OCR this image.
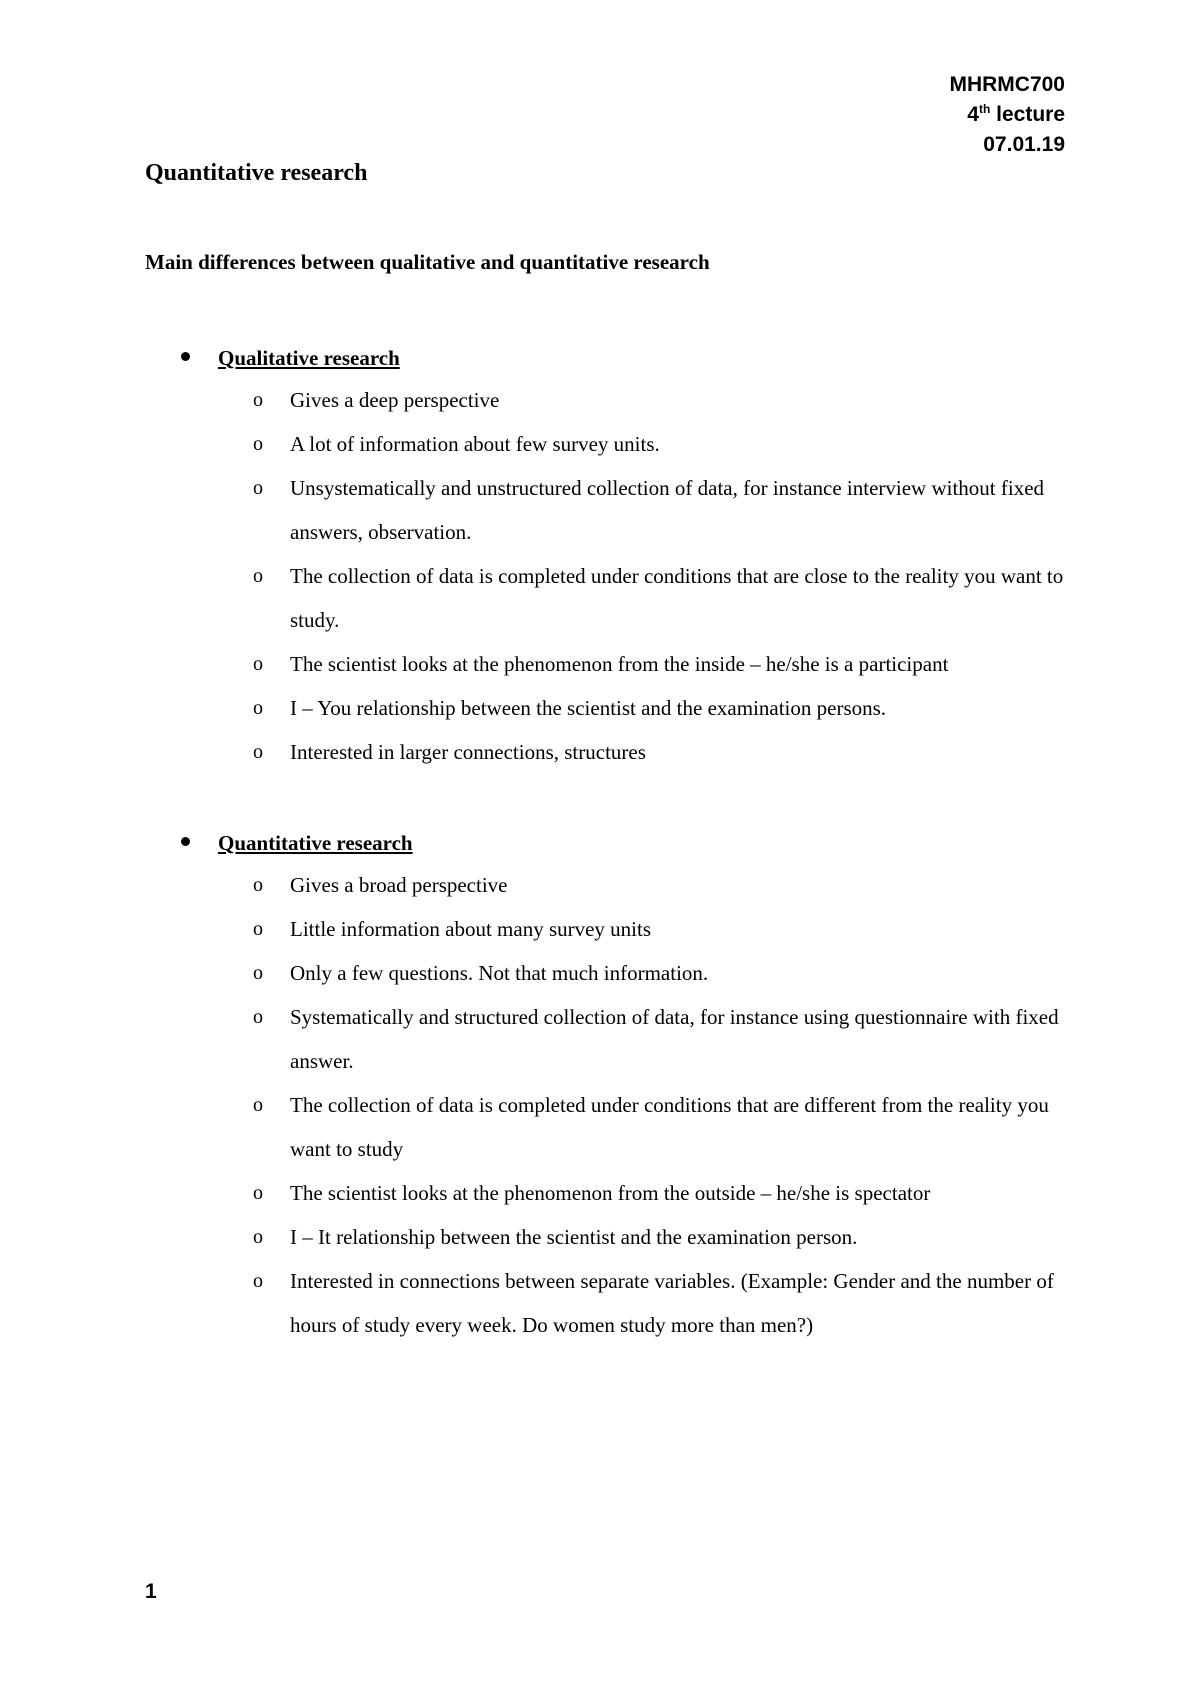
MHRMC700
4th lecture
07.01.19
Quantitative research
Main differences between qualitative and quantitative research
Qualitative research
o Gives a deep perspective
o A lot of information about few survey units.
o Unsystematically and unstructured collection of data, for instance interview without fixed answers, observation.
o The collection of data is completed under conditions that are close to the reality you want to study.
o The scientist looks at the phenomenon from the inside – he/she is a participant
o I – You relationship between the scientist and the examination persons.
o Interested in larger connections, structures
Quantitative research
o Gives a broad perspective
o Little information about many survey units
o Only a few questions. Not that much information.
o Systematically and structured collection of data, for instance using questionnaire with fixed answer.
o The collection of data is completed under conditions that are different from the reality you want to study
o The scientist looks at the phenomenon from the outside – he/she is spectator
o I – It relationship between the scientist and the examination person.
o Interested in connections between separate variables. (Example: Gender and the number of hours of study every week. Do women study more than men?)
1
